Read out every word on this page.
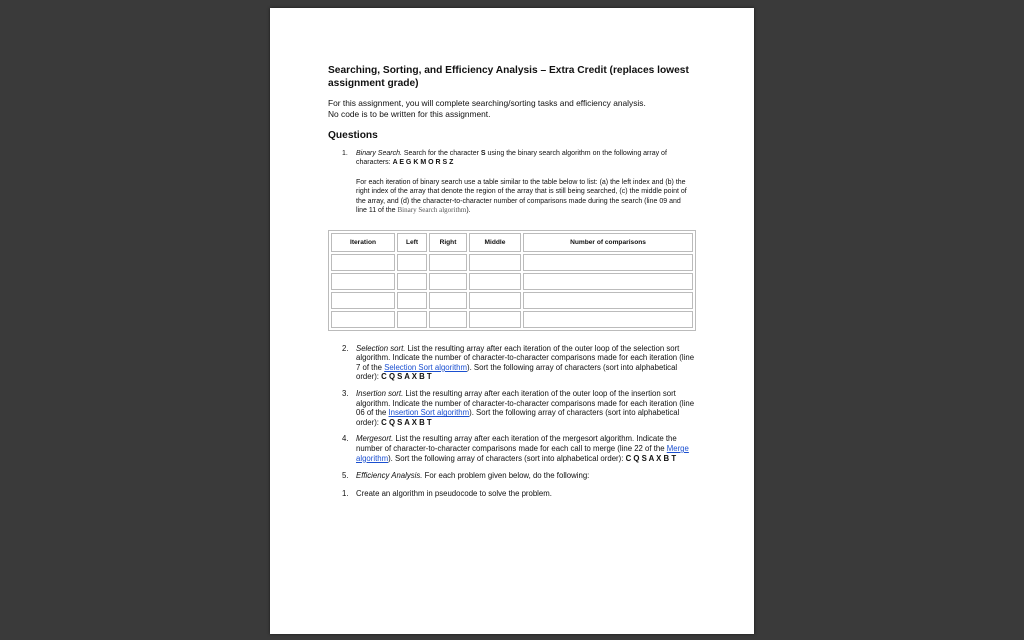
Searching, Sorting, and Efficiency Analysis – Extra Credit (replaces lowest assignment grade)

For this assignment, you will complete searching/sorting tasks and efficiency analysis.
No code is to be written for this assignment.

Questions

1. Binary Search. Search for the character S using the binary search algorithm on the following array of characters: A E G K M O R S Z

For each iteration of binary search use a table similar to the table below to list: (a) the left index and (b) the right index of the array that denote the region of the array that is still being searched, (c) the middle point of the array, and (d) the character-to-character number of comparisons made during the search (line 09 and line 11 of the Binary Search algorithm).

Iteration	Left	Right	Middle	Number of comparisons

2. Selection sort. List the resulting array after each iteration of the outer loop of the selection sort algorithm. Indicate the number of character-to-character comparisons made for each iteration (line 7 of the Selection Sort algorithm). Sort the following array of characters (sort into alphabetical order): C Q S A X B T
3. Insertion sort. List the resulting array after each iteration of the outer loop of the insertion sort algorithm. Indicate the number of character-to-character comparisons made for each iteration (line 06 of the Insertion Sort algorithm). Sort the following array of characters (sort into alphabetical order): C Q S A X B T
4. Mergesort. List the resulting array after each iteration of the mergesort algorithm. Indicate the number of character-to-character comparisons made for each call to merge (line 22 of the Merge algorithm). Sort the following array of characters (sort into alphabetical order): C Q S A X B T
5. Efficiency Analysis. For each problem given below, do the following:
1. Create an algorithm in pseudocode to solve the problem.
